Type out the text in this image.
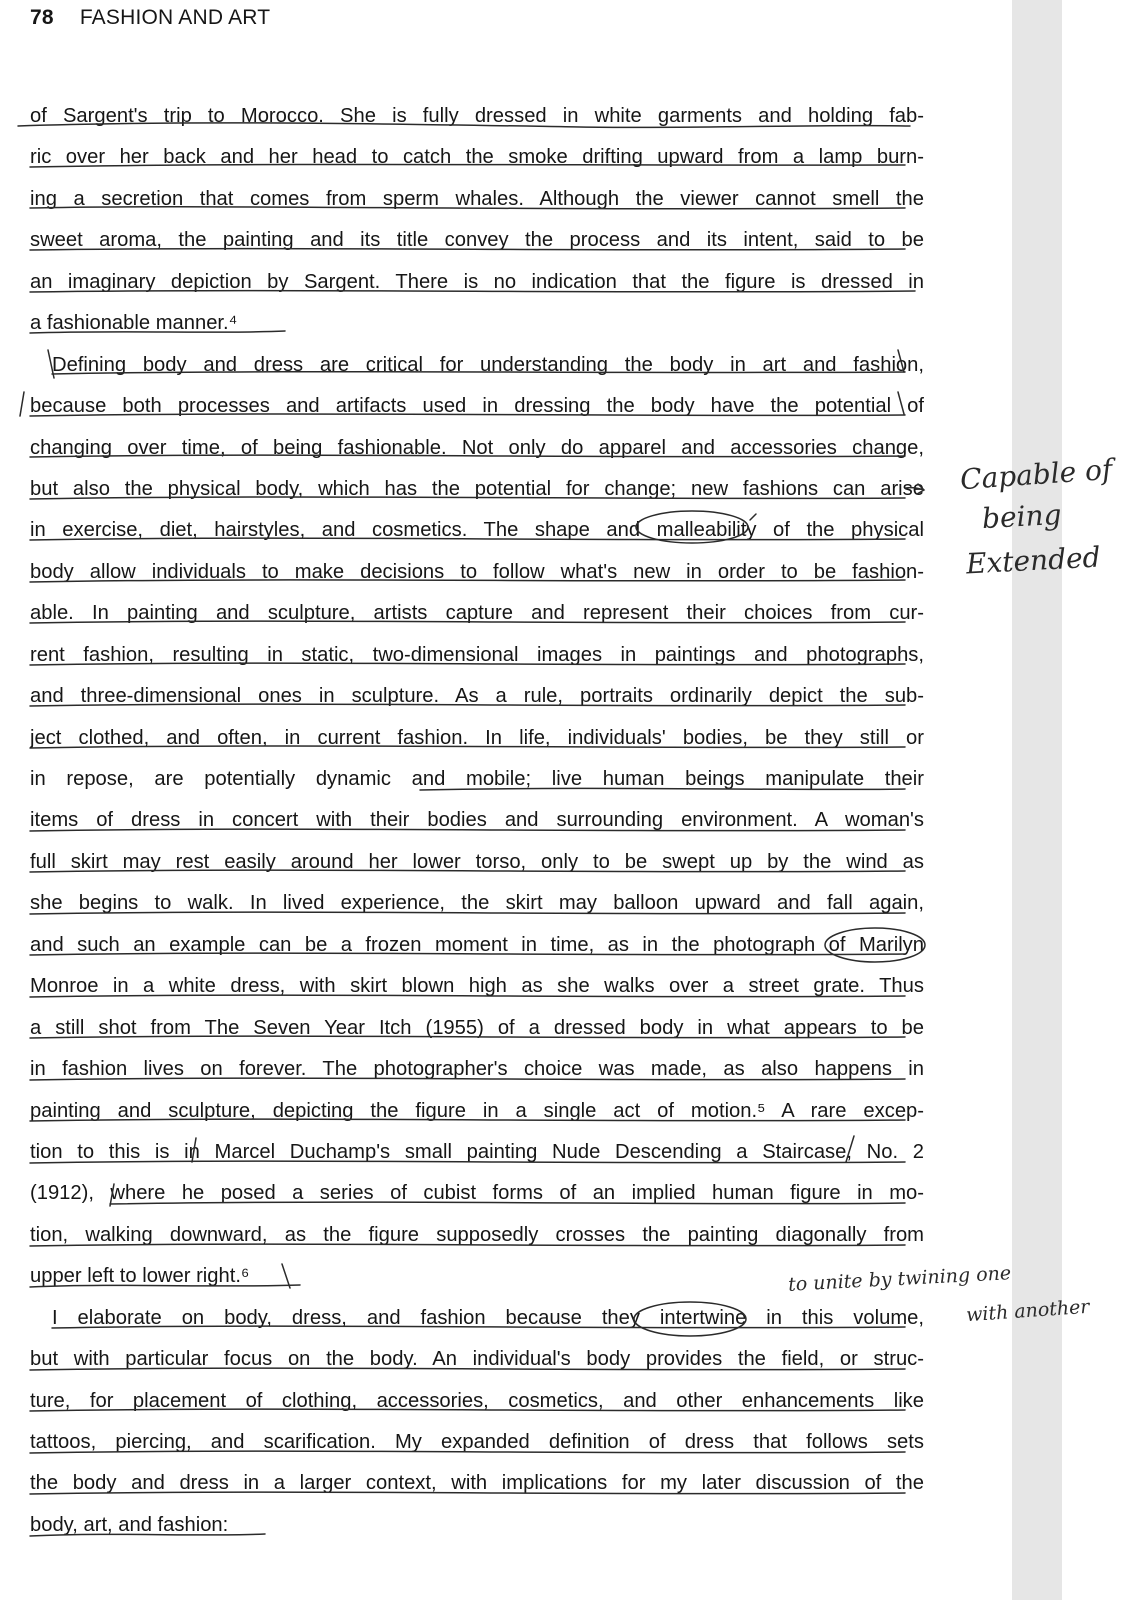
78 FASHION AND ART
of Sargent's trip to Morocco. She is fully dressed in white garments and holding fab-
ric over her back and her head to catch the smoke drifting upward from a lamp burn-
ing a secretion that comes from sperm whales. Although the viewer cannot smell the
sweet aroma, the painting and its title convey the process and its intent, said to be
an imaginary depiction by Sargent. There is no indication that the figure is dressed in
a fashionable manner.⁴
Defining body and dress are critical for understanding the body in art and fashion,
because both processes and artifacts used in dressing the body have the potential of
changing over time, of being fashionable. Not only do apparel and accessories change,
but also the physical body, which has the potential for change; new fashions can arise
in exercise, diet, hairstyles, and cosmetics. The shape and malleability of the physical
body allow individuals to make decisions to follow what's new in order to be fashion-
able. In painting and sculpture, artists capture and represent their choices from cur-
rent fashion, resulting in static, two-dimensional images in paintings and photographs,
and three-dimensional ones in sculpture. As a rule, portraits ordinarily depict the sub-
ject clothed, and often, in current fashion. In life, individuals' bodies, be they still or
in repose, are potentially dynamic and mobile; live human beings manipulate their
items of dress in concert with their bodies and surrounding environment. A woman's
full skirt may rest easily around her lower torso, only to be swept up by the wind as
she begins to walk. In lived experience, the skirt may balloon upward and fall again,
and such an example can be a frozen moment in time, as in the photograph of Marilyn
Monroe in a white dress, with skirt blown high as she walks over a street grate. Thus
a still shot from The Seven Year Itch (1955) of a dressed body in what appears to be
in fashion lives on forever. The photographer's choice was made, as also happens in
painting and sculpture, depicting the figure in a single act of motion.⁵ A rare excep-
tion to this is in Marcel Duchamp's small painting Nude Descending a Staircase, No. 2
(1912), where he posed a series of cubist forms of an implied human figure in mo-
tion, walking downward, as the figure supposedly crosses the painting diagonally from
upper left to lower right.⁶
I elaborate on body, dress, and fashion because they intertwine in this volume,
but with particular focus on the body. An individual's body provides the field, or struc-
ture, for placement of clothing, accessories, cosmetics, and other enhancements like
tattoos, piercing, and scarification. My expanded definition of dress that follows sets
the body and dress in a larger context, with implications for my later discussion of the
body, art, and fashion:
Capable of
being
Extended
to unite by twining one
with another
